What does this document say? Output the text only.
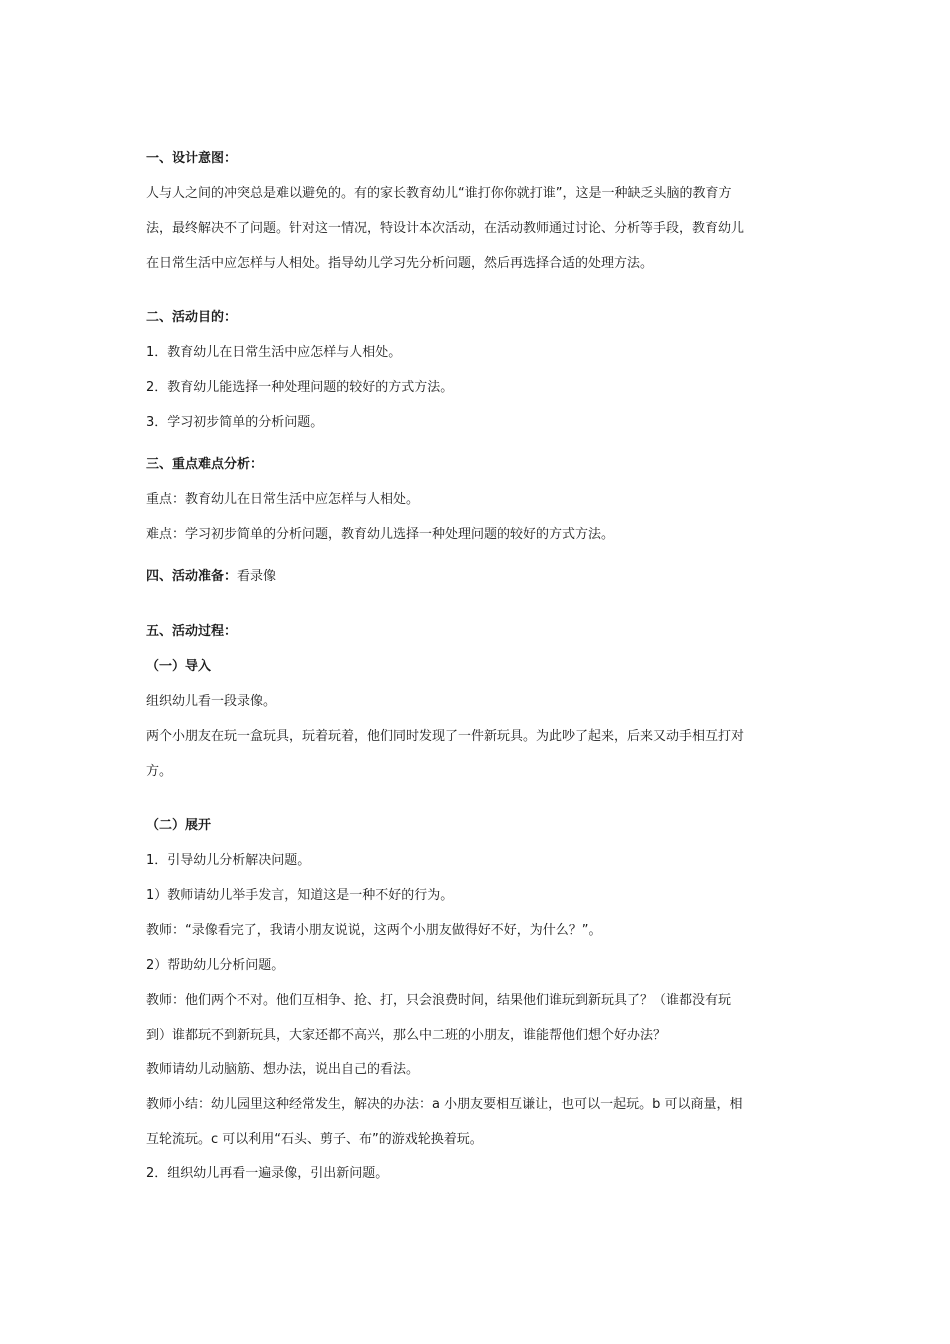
一、设计意图：

人与人之间的冲突总是难以避免的。有的家长教育幼儿“谁打你你就打谁”，这是一种缺乏头脑的教育方

法，最终解决不了问题。针对这一情况，特设计本次活动，在活动教师通过讨论、分析等手段，教育幼儿

在日常生活中应怎样与人相处。指导幼儿学习先分析问题，然后再选择合适的处理方法。

二、活动目的：

1．教育幼儿在日常生活中应怎样与人相处。

2．教育幼儿能选择一种处理问题的较好的方式方法。

3．学习初步简单的分析问题。

三、重点难点分析：

重点：教育幼儿在日常生活中应怎样与人相处。

难点：学习初步简单的分析问题，教育幼儿选择一种处理问题的较好的方式方法。

四、活动准备：看录像

五、活动过程：

（一）导入

组织幼儿看一段录像。

两个小朋友在玩一盒玩具，玩着玩着，他们同时发现了一件新玩具。为此吵了起来，后来又动手相互打对

方。

（二）展开

1．引导幼儿分析解决问题。

1）教师请幼儿举手发言，知道这是一种不好的行为。

教师：“录像看完了，我请小朋友说说，这两个小朋友做得好不好，为什么？”。

2）帮助幼儿分析问题。

教师：他们两个不对。他们互相争、抢、打，只会浪费时间，结果他们谁玩到新玩具了？（谁都没有玩

到）谁都玩不到新玩具，大家还都不高兴，那么中二班的小朋友，谁能帮他们想个好办法？

教师请幼儿动脑筋、想办法，说出自己的看法。

教师小结：幼儿园里这种经常发生，解决的办法：a 小朋友要相互谦让，也可以一起玩。b 可以商量，相

互轮流玩。c 可以利用“石头、剪子、布”的游戏轮换着玩。

2．组织幼儿再看一遍录像，引出新问题。
